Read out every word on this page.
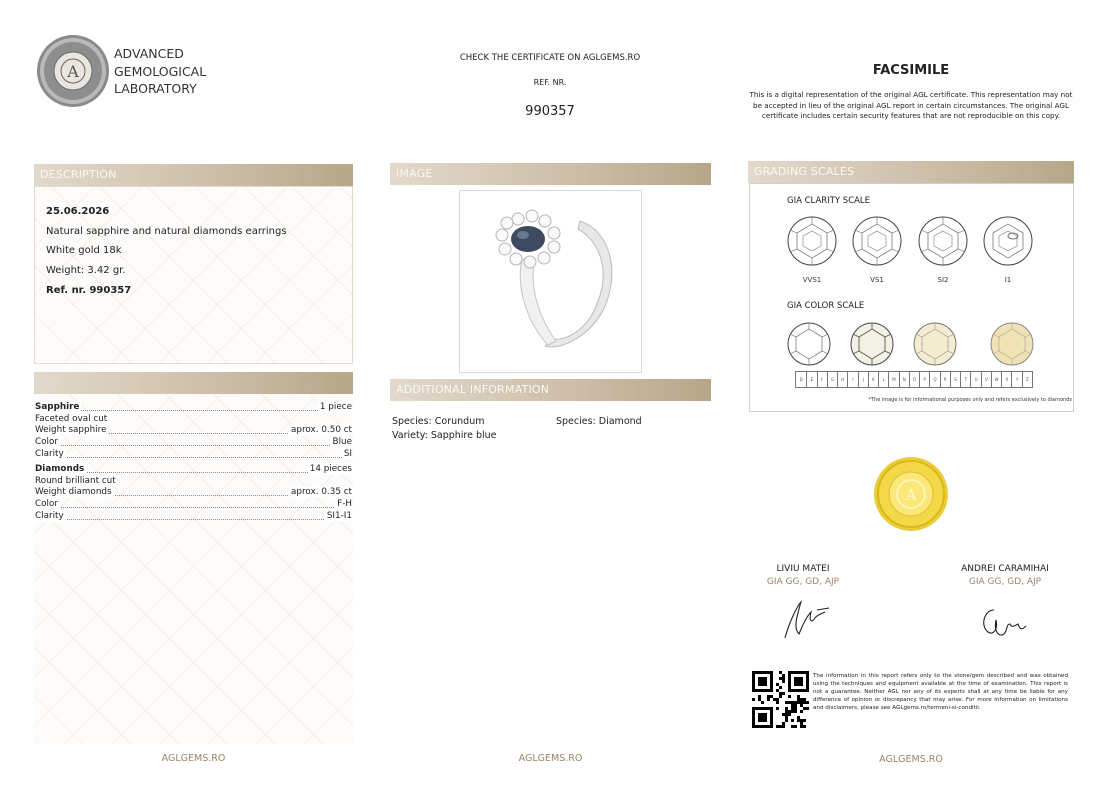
A
ADVANCED
GEMOLOGICAL
LABORATORY
CHECK THE CERTIFICATE ON AGLGEMS.RO
REF. NR.
990357
FACSIMILE
This is a digital representation of the original AGL certificate. This representation may not be accepted in lieu of the original AGL report in certain circumstances. The original AGL certificate includes certain security features that are not reproducible on this copy.
DESCRIPTION
25.06.2026
Natural sapphire and natural diamonds earrings
White gold 18k
Weight: 3.42 gr.
Ref. nr. 990357
Sapphire	1 piece
Faceted oval cut
Weight sapphire	aprox. 0.50 ct
Color	Blue
Clarity	SI
Diamonds	14 pieces
Round brilliant cut
Weight diamonds	aprox. 0.35 ct
Color	F-H
Clarity	SI1-I1
AGLGEMS.RO
IMAGE
ADDITIONAL INFORMATION
Species: Corundum
Variety: Sapphire blue
Species: Diamond
AGLGEMS.RO
GRADING SCALES
GIA CLARITY SCALE
VVS1	VS1	SI2	I1
GIA COLOR SCALE
D	E	F	G	H	I	J	K	L	M	N	O	P	Q	R	S	T	U	V	W	X	Y	Z
*The image is for informational purposes only and refers exclusively to diamonds
A
LIVIU MATEI
GIA GG, GD, AJP
ANDREI CARAMIHAI
GIA GG, GD, AJP
The information in this report refers only to the stone/gem described and was obtained using the techniques and equipment available at the time of examination. This report is not a guarantee. Neither AGL nor any of its experts shall at any time be liable for any difference of opinion or discrepancy that may arise. For more information on limitations and disclaimers, please see AGLgems.ro/termeni-si-conditii.
AGLGEMS.RO
